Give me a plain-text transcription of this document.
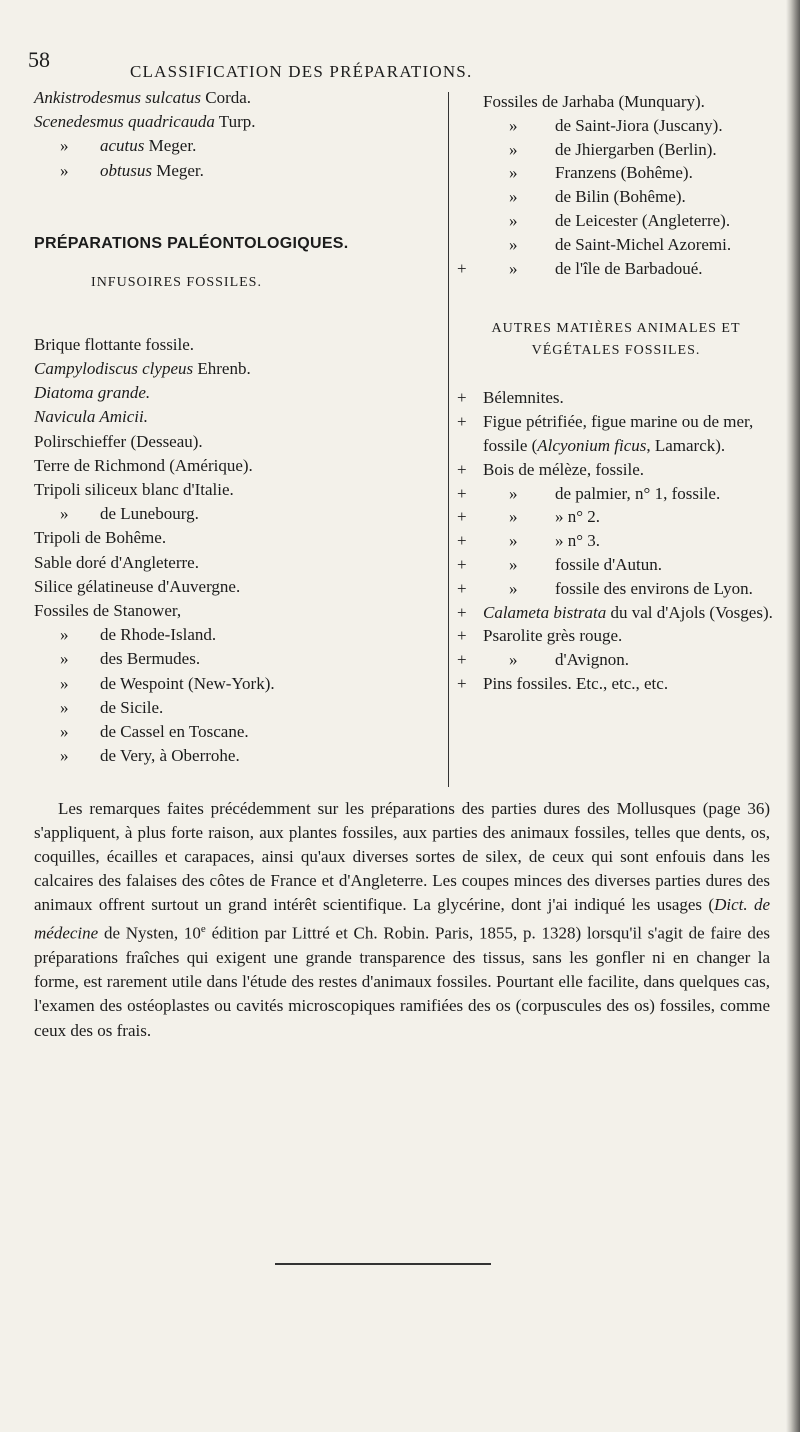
58	CLASSIFICATION DES PRÉPARATIONS.
Ankistrodesmus sulcatus Corda.
Scenedesmus quadricauda Turp.
» acutus Meger.
» obtusus Meger.
PRÉPARATIONS PALÉONTOLOGIQUES.
INFUSOIRES FOSSILES.
Brique flottante fossile.
Campylodiscus clypeus Ehrenb.
Diatoma grande.
Navicula Amicii.
Polirschieffer (Desseau).
Terre de Richmond (Amérique).
Tripoli siliceux blanc d'Italie.
» de Lunebourg.
Tripoli de Bohême.
Sable doré d'Angleterre.
Silice gélatineuse d'Auvergne.
Fossiles de Stanower,
» de Rhode-Island.
» des Bermudes.
» de Wespoint (New-York).
» de Sicile.
» de Cassel en Toscane.
» de Very, à Oberrohe.
Fossiles de Jarhaba (Munquary).
» de Saint-Jiora (Juscany).
» de Jhiergarben (Berlin).
» Franzens (Bohême).
» de Bilin (Bohême).
» de Leicester (Angleterre).
» de Saint-Michel Azoremi.
+ » de l'île de Barbadoué.
AUTRES MATIÈRES ANIMALES ET
VÉGÉTALES FOSSILES.
+ Bélemnites.
+ Figue pétrifiée, figue marine ou de mer, fossile (Alcyonium ficus, Lamarck).
+ Bois de mélèze, fossile.
+ » de palmier, n° 1, fossile.
+ » » n° 2.
+ » » n° 3.
+ » fossile d'Autun.
+ » fossile des environs de Lyon.
+ Calameta bistrata du val d'Ajols (Vosges).
+ Psarolite grès rouge.
+ » d'Avignon.
+ Pins fossiles. Etc., etc., etc.
Les remarques faites précédemment sur les préparations des parties dures des Mollusques (page 36) s'appliquent, à plus forte raison, aux plantes fossiles, aux parties des animaux fossiles, telles que dents, os, coquilles, écailles et carapaces, ainsi qu'aux diverses sortes de silex, de ceux qui sont enfouis dans les calcaires des falaises des côtes de France et d'Angleterre. Les coupes minces des diverses parties dures des animaux offrent surtout un grand intérêt scientifique. La glycérine, dont j'ai indiqué les usages (Dict. de médecine de Nysten, 10e édition par Littré et Ch. Robin. Paris, 1855, p. 1328) lorsqu'il s'agit de faire des préparations fraîches qui exigent une grande transparence des tissus, sans les gonfler ni en changer la forme, est rarement utile dans l'étude des restes d'animaux fossiles. Pourtant elle facilite, dans quelques cas, l'examen des ostéoplastes ou cavités microscopiques ramifiées des os (corpuscules des os) fossiles, comme ceux des os frais.
